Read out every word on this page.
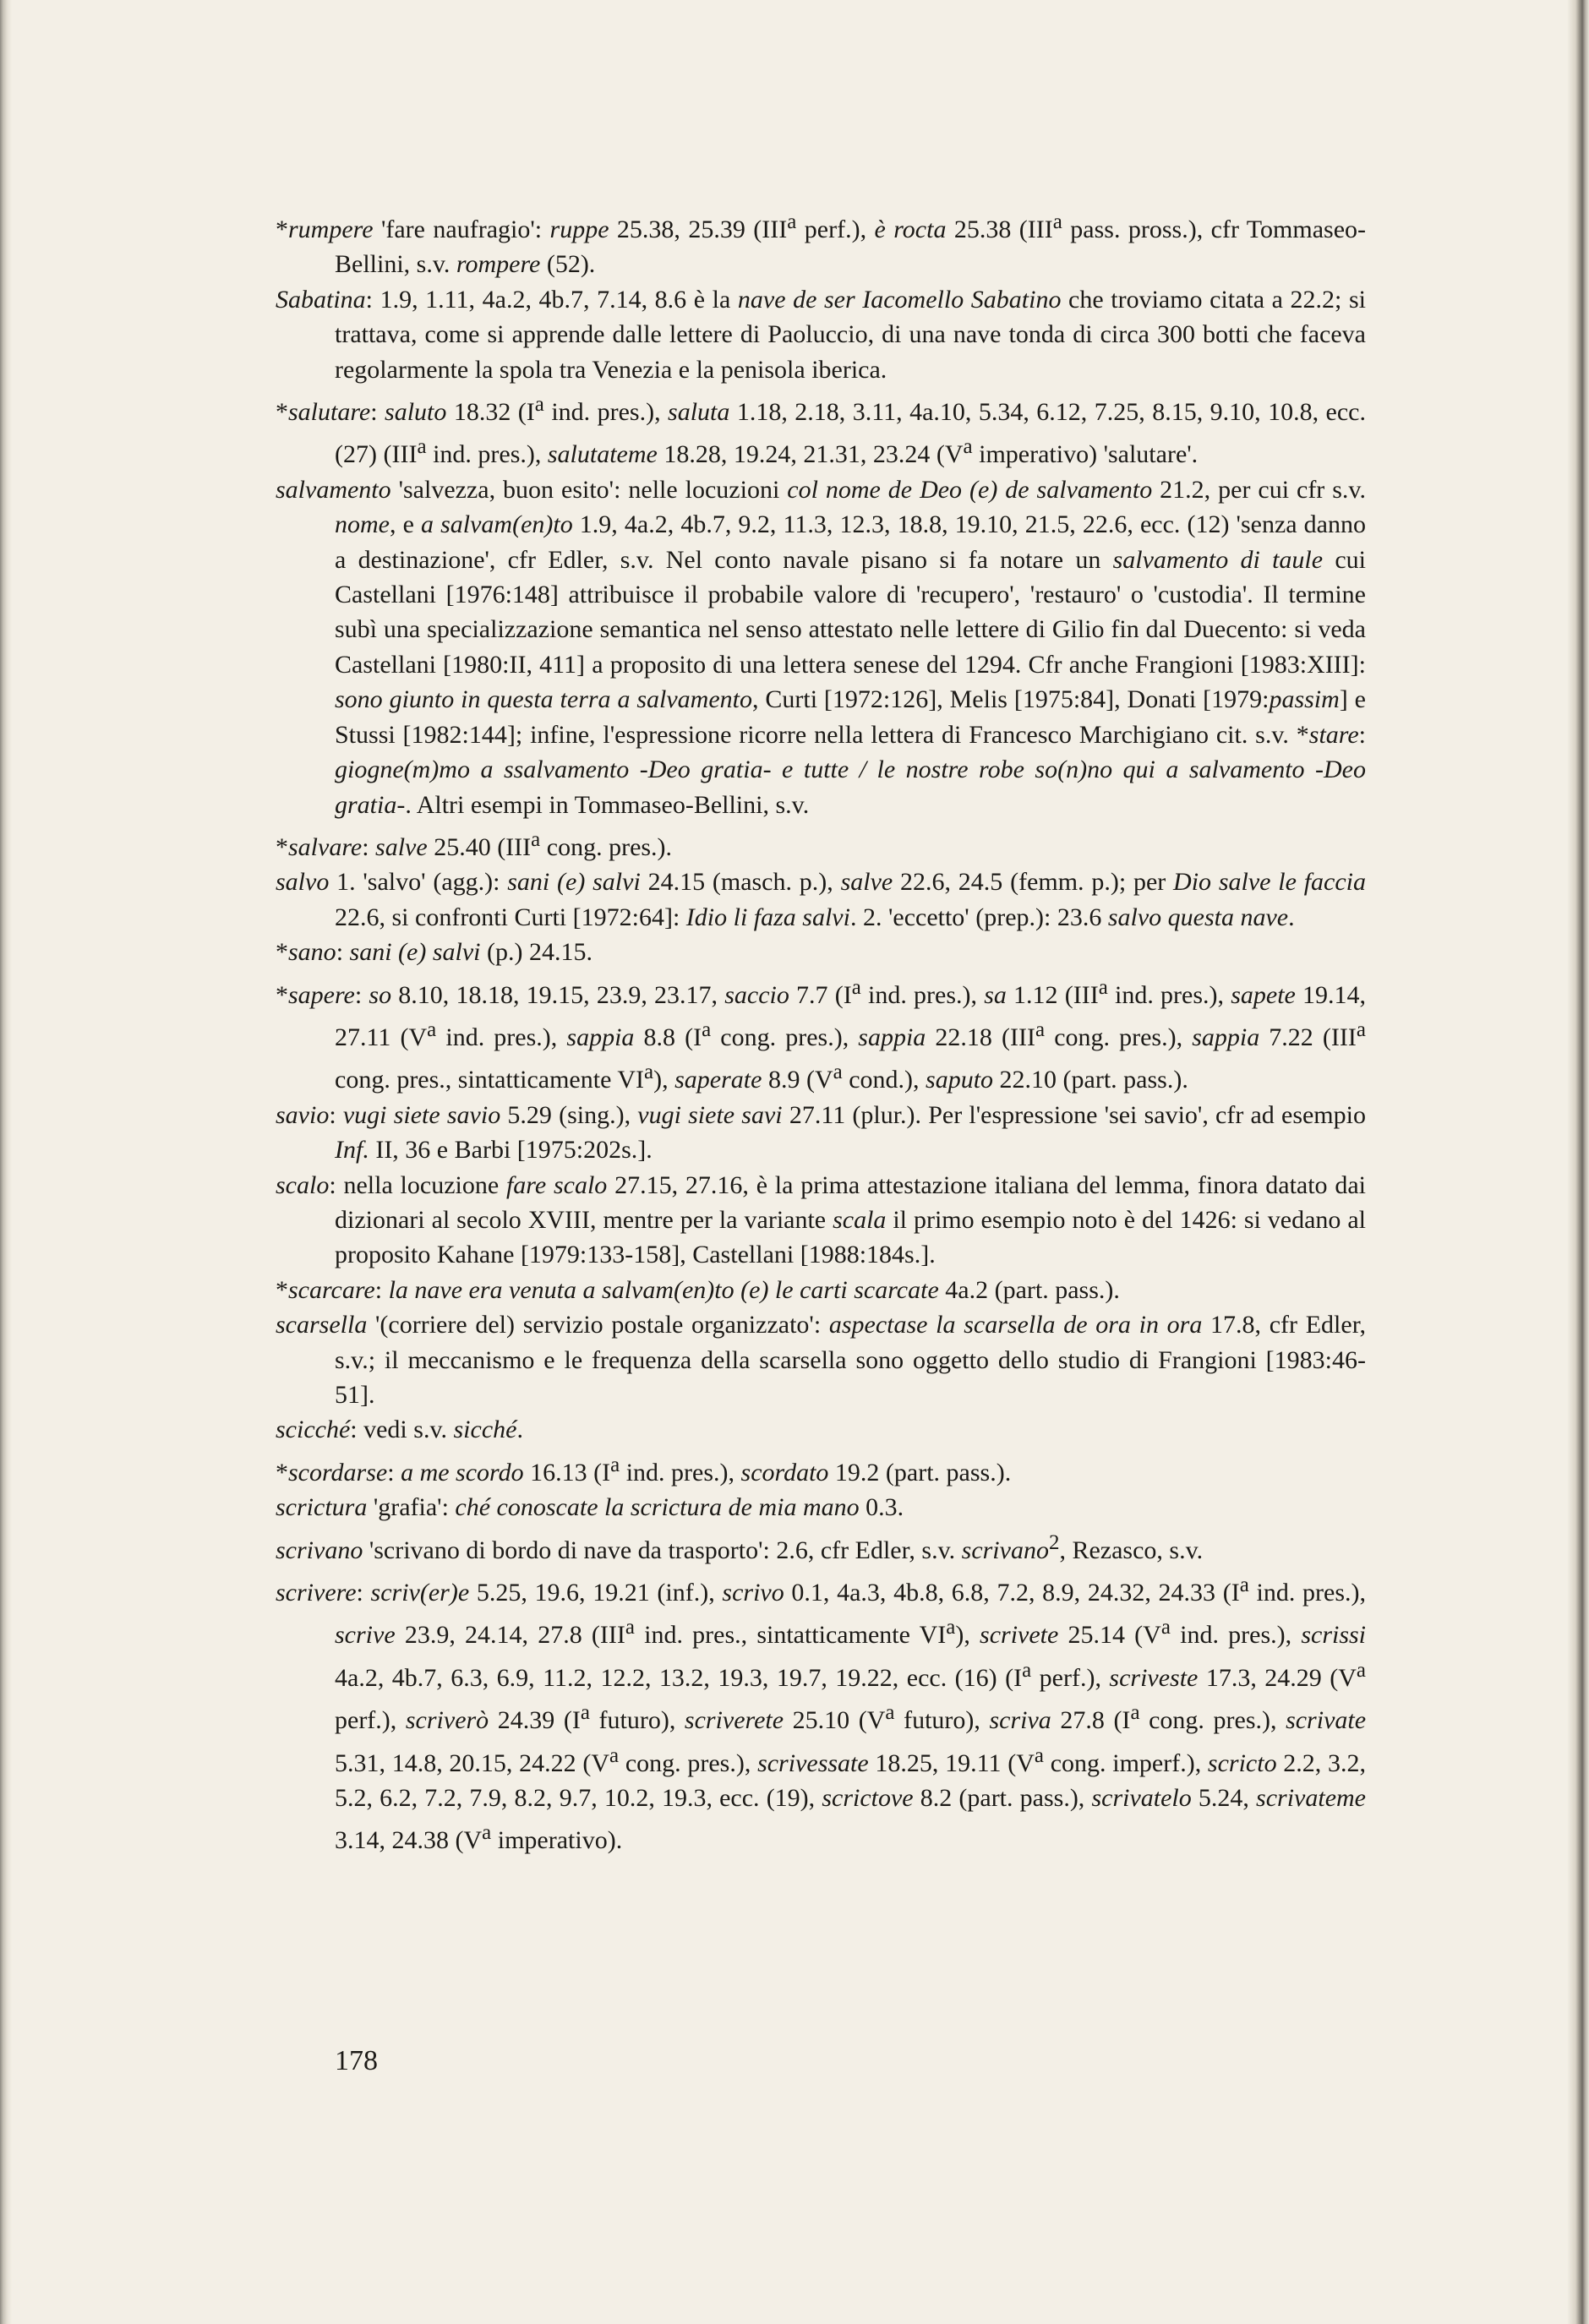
*rumpere 'fare naufragio': ruppe 25.38, 25.39 (III$^a$ perf.), è rocta 25.38 (III$^a$ pass. pross.), cfr Tommaseo-Bellini, s.v. rompere (52).

Sabatina: 1.9, 1.11, 4a.2, 4b.7, 7.14, 8.6 è la nave de ser Iacomello Sabatino che troviamo citata a 22.2; si trattava, come si apprende dalle lettere di Paoluccio, di una nave tonda di circa 300 botti che faceva regolarmente la spola tra Venezia e la penisola iberica.

*salutare: saluto 18.32 ($I^a$ ind. pres.), saluta 1.18, 2.18, 3.11, 4a.10, 5.34, 6.12, 7.25, 8.15, 9.10, 10.8, ecc. (27) (III$^a$ ind. pres.), salutateme 18.28, 19.24, 21.31, 23.24 ($V^a$ imperativo) 'salutare'.

salvamento 'salvezza, buon esito': nelle locuzioni col nome de Deo (e) de salvamento 21.2, per cui cfr s.v. nome, e a salvam(en)to 1.9, 4a.2, 4b.7, 9.2, 11.3, 12.3, 18.8, 19.10, 21.5, 22.6, ecc. (12) 'senza danno a destinazione', cfr Edler, s.v. Nel conto navale pisano si fa notare un salvamento di taule cui Castellani [1976:148] attribuisce il probabile valore di 'recupero', 'restauro' o 'custodia'. Il termine subì una specializzazione semantica nel senso attestato nelle lettere di Gilio fin dal Duecento: si veda Castellani [1980:II, 411] a proposito di una lettera senese del 1294. Cfr anche Frangioni [1983:XIII]: sono giunto in questa terra a salvamento, Curti [1972:126], Melis [1975:84], Donati [1979:passim] e Stussi [1982:144]; infine, l'espressione ricorre nella lettera di Francesco Marchigiano cit. s.v. *stare: giogne(m)mo a ssalvamento -Deo gratia- e tutte / le nostre robe so(n)no qui a salvamento -Deo gratia-. Altri esempi in Tommaseo-Bellini, s.v.

*salvare: salve 25.40 (III$^a$ cong. pres.).

salvo 1. 'salvo' (agg.): sani (e) salvi 24.15 (masch. p.), salve 22.6, 24.5 (femm. p.); per Dio salve le faccia 22.6, si confronti Curti [1972:64]: Idio li faza salvi. 2. 'eccetto' (prep.): 23.6 salvo questa nave.

*sano: sani (e) salvi (p.) 24.15.

*sapere: so 8.10, 18.18, 19.15, 23.9, 23.17, saccio 7.7 ($I^a$ ind. pres.), sa 1.12 (III$^a$ ind. pres.), sapete 19.14, 27.11 ($V^a$ ind. pres.), sappia 8.8 ($I^a$ cong. pres.), sappia 22.18 (III$^a$ cong. pres.), sappia 7.22 (III$^a$ cong. pres., sintatticamente $VI^a$), saperate 8.9 ($V^a$ cond.), saputo 22.10 (part. pass.).

savio: vugi siete savio 5.29 (sing.), vugi siete savi 27.11 (plur.). Per l'espressione 'sei savio', cfr ad esempio Inf. II, 36 e Barbi [1975:202s.].

scalo: nella locuzione fare scalo 27.15, 27.16, è la prima attestazione italiana del lemma, finora datato dai dizionari al secolo XVIII, mentre per la variante scala il primo esempio noto è del 1426: si vedano al proposito Kahane [1979:133-158], Castellani [1988:184s.].

*scarcare: la nave era venuta a salvam(en)to (e) le carti scarcate 4a.2 (part. pass.).

scarsella '(corriere del) servizio postale organizzato': aspectase la scarsella de ora in ora 17.8, cfr Edler, s.v.; il meccanismo e le frequenza della scarsella sono oggetto dello studio di Frangioni [1983:46-51].

scicché: vedi s.v. sicché.

*scordarse: a me scordo 16.13 ($I^a$ ind. pres.), scordato 19.2 (part. pass.).

scrictura 'grafia': ché conoscate la scrictura de mia mano 0.3.

scrivano 'scrivano di bordo di nave da trasporto': 2.6, cfr Edler, s.v. scrivano$^2$, Rezasco, s.v.

scrivere: scriv(er)e 5.25, 19.6, 19.21 (inf.), scrivo 0.1, 4a.3, 4b.8, 6.8, 7.2, 8.9, 24.32, 24.33 ($I^a$ ind. pres.), scrive 23.9, 24.14, 27.8 (III$^a$ ind. pres., sintatticamente $VI^a$), scrivete 25.14 ($V^a$ ind. pres.), scrissi 4a.2, 4b.7, 6.3, 6.9, 11.2, 12.2, 13.2, 19.3, 19.7, 19.22, ecc. (16) ($I^a$ perf.), scriveste 17.3, 24.29 ($V^a$ perf.), scriverò 24.39 ($I^a$ futuro), scriverete 25.10 ($V^a$ futuro), scriva 27.8 ($I^a$ cong. pres.), scrivate 5.31, 14.8, 20.15, 24.22 ($V^a$ cong. pres.), scrivessate 18.25, 19.11 ($V^a$ cong. imperf.), scricto 2.2, 3.2, 5.2, 6.2, 7.2, 7.9, 8.2, 9.7, 10.2, 19.3, ecc. (19), scrictove 8.2 (part. pass.), scrivatelo 5.24, scrivateme 3.14, 24.38 ($V^a$ imperativo).

178
